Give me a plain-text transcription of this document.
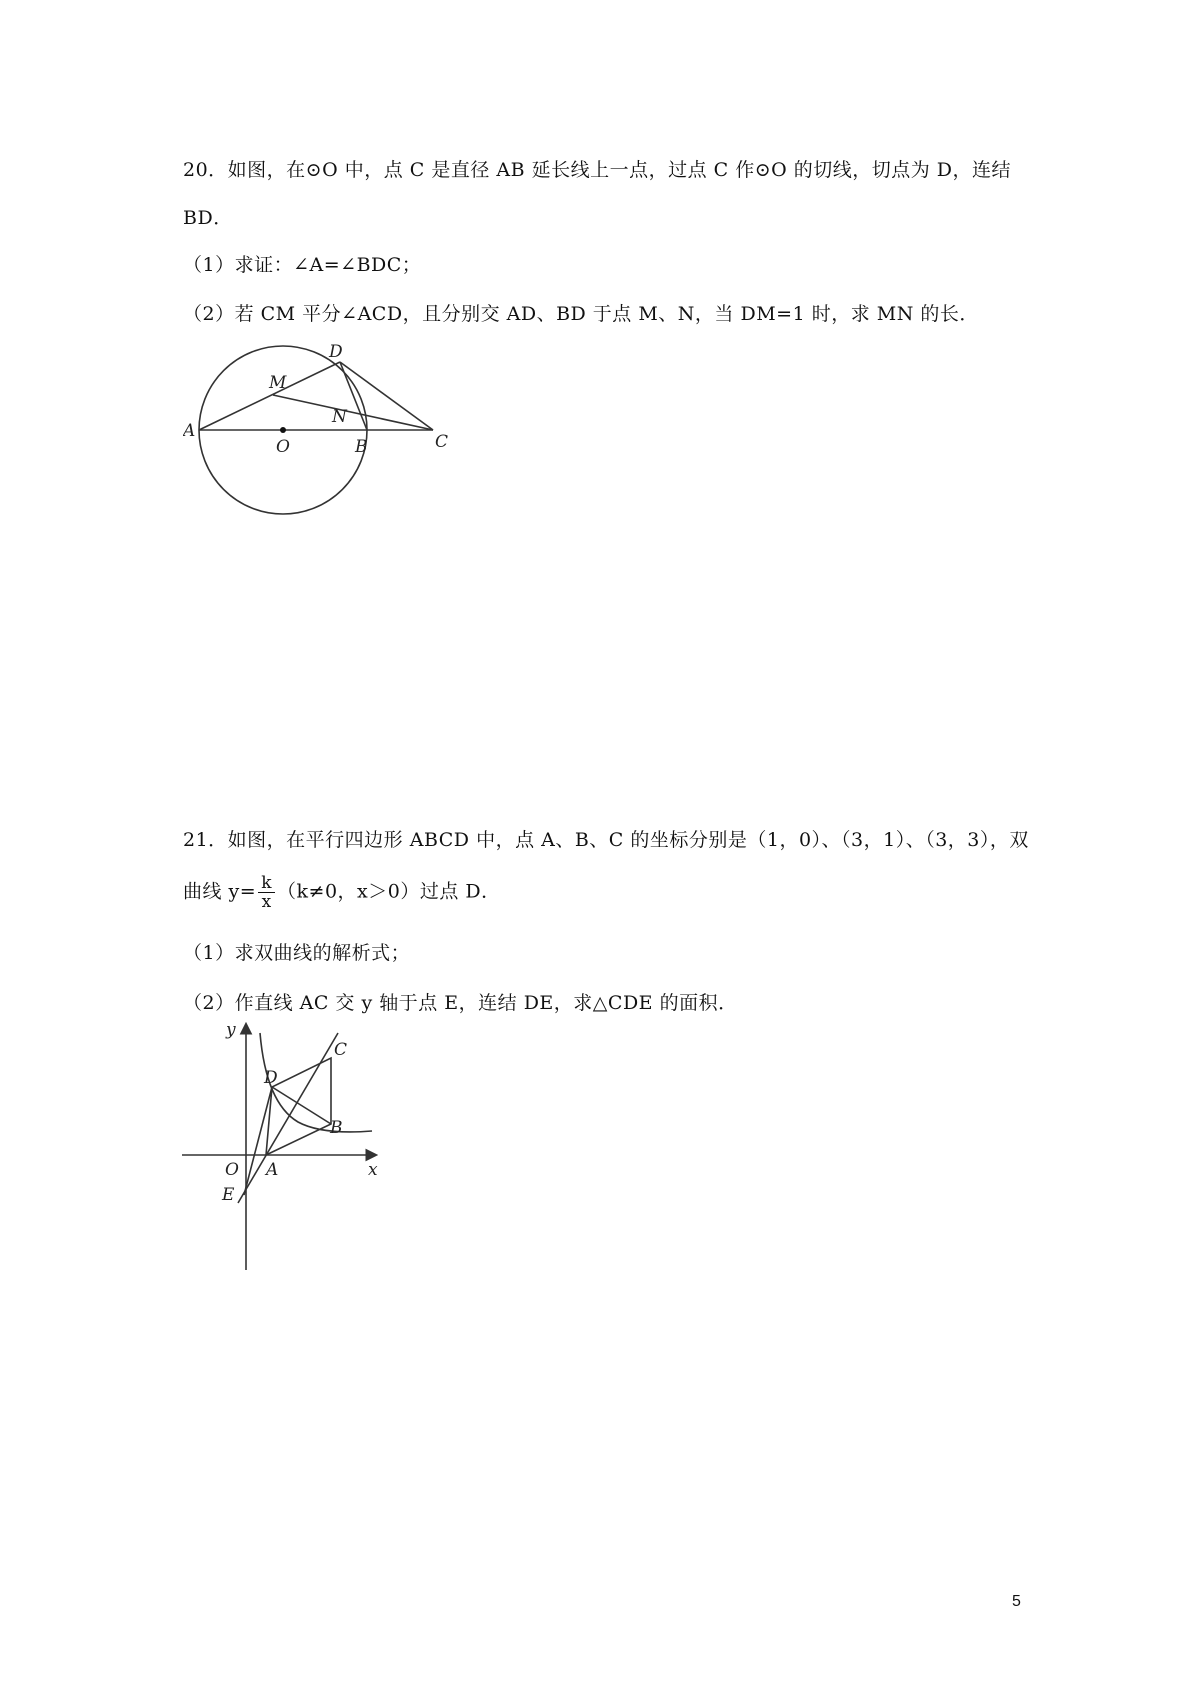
20．如图，在⊙O 中，点 C 是直径 AB 延长线上一点，过点 C 作⊙O 的切线，切点为 D，连结
BD．
（1）求证：∠A=∠BDC；
（2）若 CM 平分∠ACD，且分别交 AD、BD 于点 M、N，当 DM=1 时，求 MN 的长．
D
M
N
A
O	B	C
21．如图，在平行四边形 ABCD 中，点 A、B、C 的坐标分别是（1，0）、（3，1）、（3，3），双
曲线 $y= \frac{k}{x} (k\ne 0$，x＞0）过点 D．
（1）求双曲线的解析式；
（2）作直线 AC 交 y 轴于点 E，连结 DE，求△CDE 的面积．
y
C
D
B
x
O A
E
5
